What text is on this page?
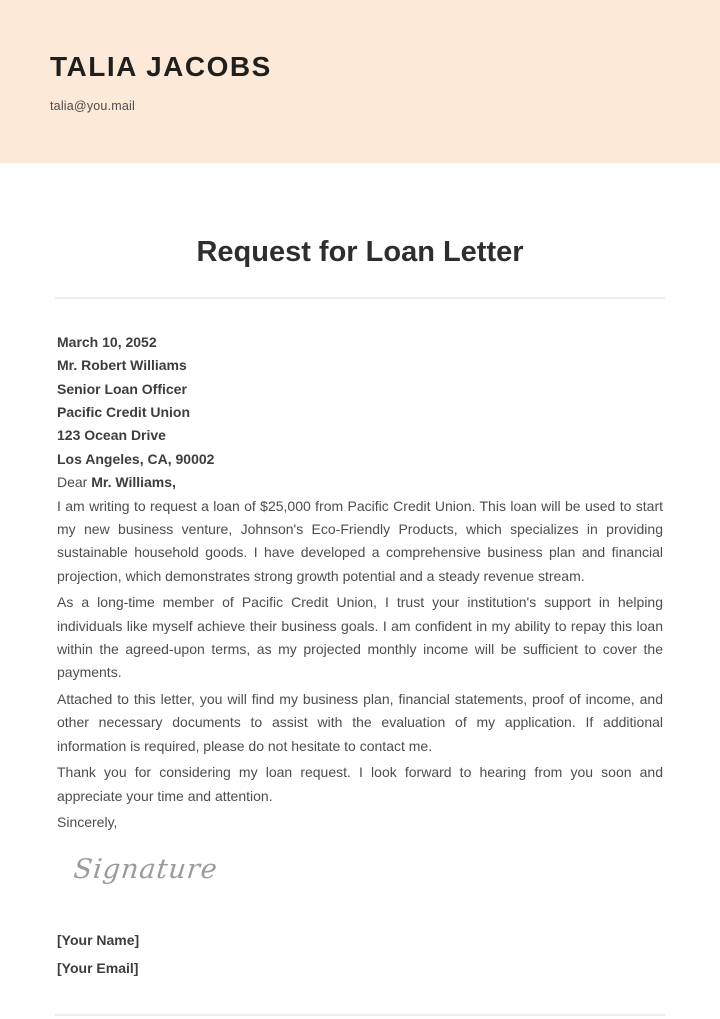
TALIA JACOBS
talia@you.mail
Request for Loan Letter

March 10, 2052

Mr. Robert Williams

Senior Loan Officer

Pacific Credit Union

123 Ocean Drive

Los Angeles, CA, 90002

Dear Mr. Williams,

I am writing to request a loan of $25,000 from Pacific Credit Union. This loan will be used to start my new business venture, Johnson's Eco-Friendly Products, which specializes in providing sustainable household goods. I have developed a comprehensive business plan and financial projection, which demonstrates strong growth potential and a steady revenue stream.

As a long-time member of Pacific Credit Union, I trust your institution's support in helping individuals like myself achieve their business goals. I am confident in my ability to repay this loan within the agreed-upon terms, as my projected monthly income will be sufficient to cover the payments.

Attached to this letter, you will find my business plan, financial statements, proof of income, and other necessary documents to assist with the evaluation of my application. If additional information is required, please do not hesitate to contact me.

Thank you for considering my loan request. I look forward to hearing from you soon and appreciate your time and attention.

Sincerely,

Signature

[Your Name]

[Your Email]
